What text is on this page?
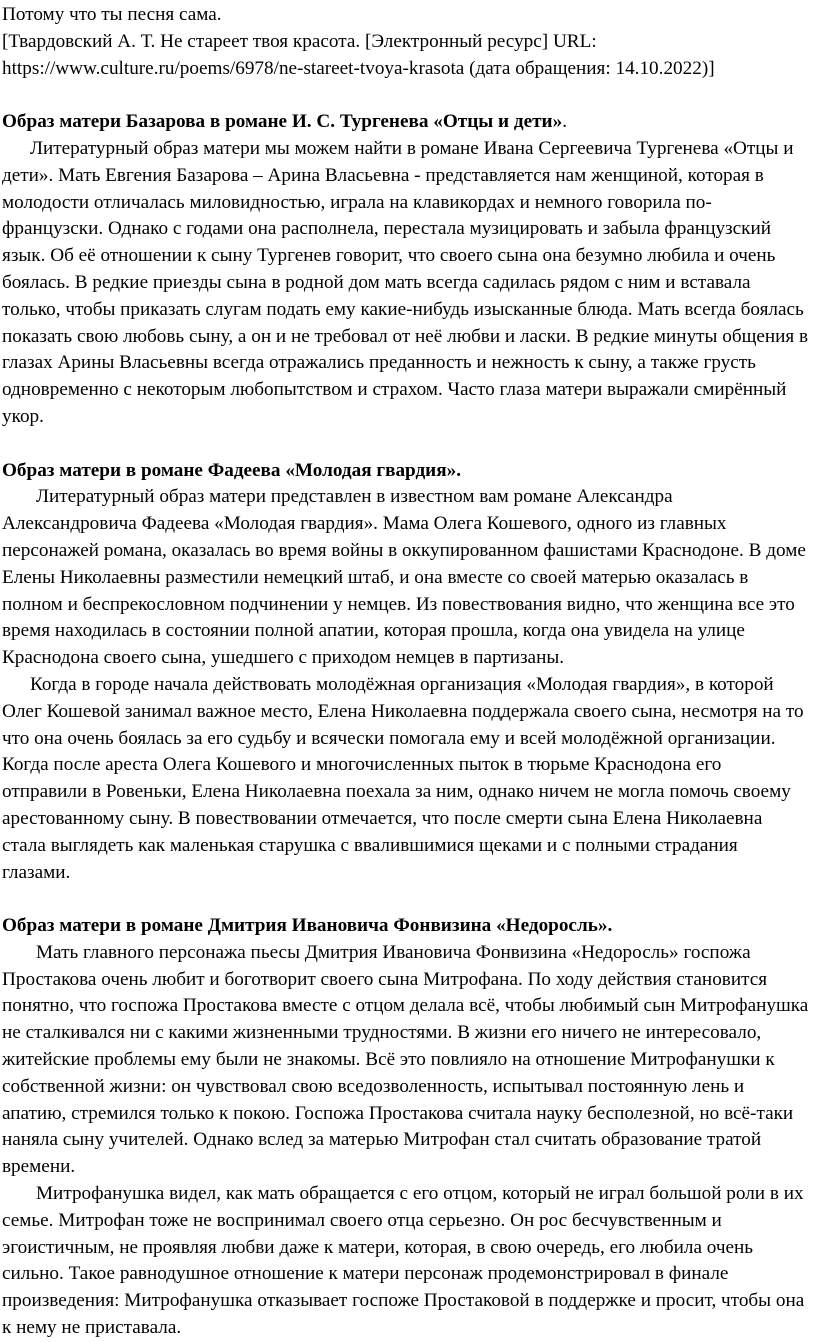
Потому что ты песня сама.

[Твардовский А. Т. Не стареет твоя красота. [Электронный ресурс] URL:

https://www.culture.ru/poems/6978/ne-stareet-tvoya-krasota (дата обращения: 14.10.2022)]

Образ матери Базарова в романе И. С. Тургенева «Отцы и дети».

Литературный образ матери мы можем найти в романе Ивана Сергеевича Тургенева «Отцы и дети». Мать Евгения Базарова – Арина Власьевна - представляется нам женщиной, которая в молодости отличалась миловидностью, играла на клавикордах и немного говорила по-французски. Однако с годами она располнела, перестала музицировать и забыла французский язык. Об её отношении к сыну Тургенев говорит, что своего сына она безумно любила и очень боялась. В редкие приезды сына в родной дом мать всегда садилась рядом с ним и вставала только, чтобы приказать слугам подать ему какие-нибудь изысканные блюда. Мать всегда боялась показать свою любовь сыну, а он и не требовал от неё любви и ласки. В редкие минуты общения в глазах Арины Власьевны всегда отражались преданность и нежность к сыну, а также грусть одновременно с некоторым любопытством и страхом. Часто глаза матери выражали смирённый укор.

Образ матери в романе Фадеева «Молодая гвардия».

Литературный образ матери представлен в известном вам романе Александра Александровича Фадеева «Молодая гвардия». Мама Олега Кошевого, одного из главных персонажей романа, оказалась во время войны в оккупированном фашистами Краснодоне. В доме Елены Николаевны разместили немецкий штаб, и она вместе со своей матерью оказалась в полном и беспрекословном подчинении у немцев. Из повествования видно, что женщина все это время находилась в состоянии полной апатии, которая прошла, когда она увидела на улице Краснодона своего сына, ушедшего с приходом немцев в партизаны.

Когда в городе начала действовать молодёжная организация «Молодая гвардия», в которой Олег Кошевой занимал важное место, Елена Николаевна поддержала своего сына, несмотря на то что она очень боялась за его судьбу и всячески помогала ему и всей молодёжной организации. Когда после ареста Олега Кошевого и многочисленных пыток в тюрьме Краснодона его отправили в Ровеньки, Елена Николаевна поехала за ним, однако ничем не могла помочь своему арестованному сыну. В повествовании отмечается, что после смерти сына Елена Николаевна стала выглядеть как маленькая старушка с ввалившимися щеками и с полными страдания глазами.

Образ матери в романе Дмитрия Ивановича Фонвизина «Недоросль».

Мать главного персонажа пьесы Дмитрия Ивановича Фонвизина «Недоросль» госпожа Простакова очень любит и боготворит своего сына Митрофана. По ходу действия становится понятно, что госпожа Простакова вместе с отцом делала всё, чтобы любимый сын Митрофанушка не сталкивался ни с какими жизненными трудностями. В жизни его ничего не интересовало, житейские проблемы ему были не знакомы. Всё это повлияло на отношение Митрофанушки к собственной жизни: он чувствовал свою вседозволенность, испытывал постоянную лень и апатию, стремился только к покою. Госпожа Простакова считала науку бесполезной, но всё-таки наняла сыну учителей. Однако вслед за матерью Митрофан стал считать образование тратой времени.

Митрофанушка видел, как мать обращается с его отцом, который не играл большой роли в их семье. Митрофан тоже не воспринимал своего отца серьезно. Он рос бесчувственным и эгоистичным, не проявляя любви даже к матери, которая, в свою очередь, его любила очень сильно. Такое равнодушное отношение к матери персонаж продемонстрировал в финале произведения: Митрофанушка отказывает госпоже Простаковой в поддержке и просит, чтобы она к нему не приставала.
